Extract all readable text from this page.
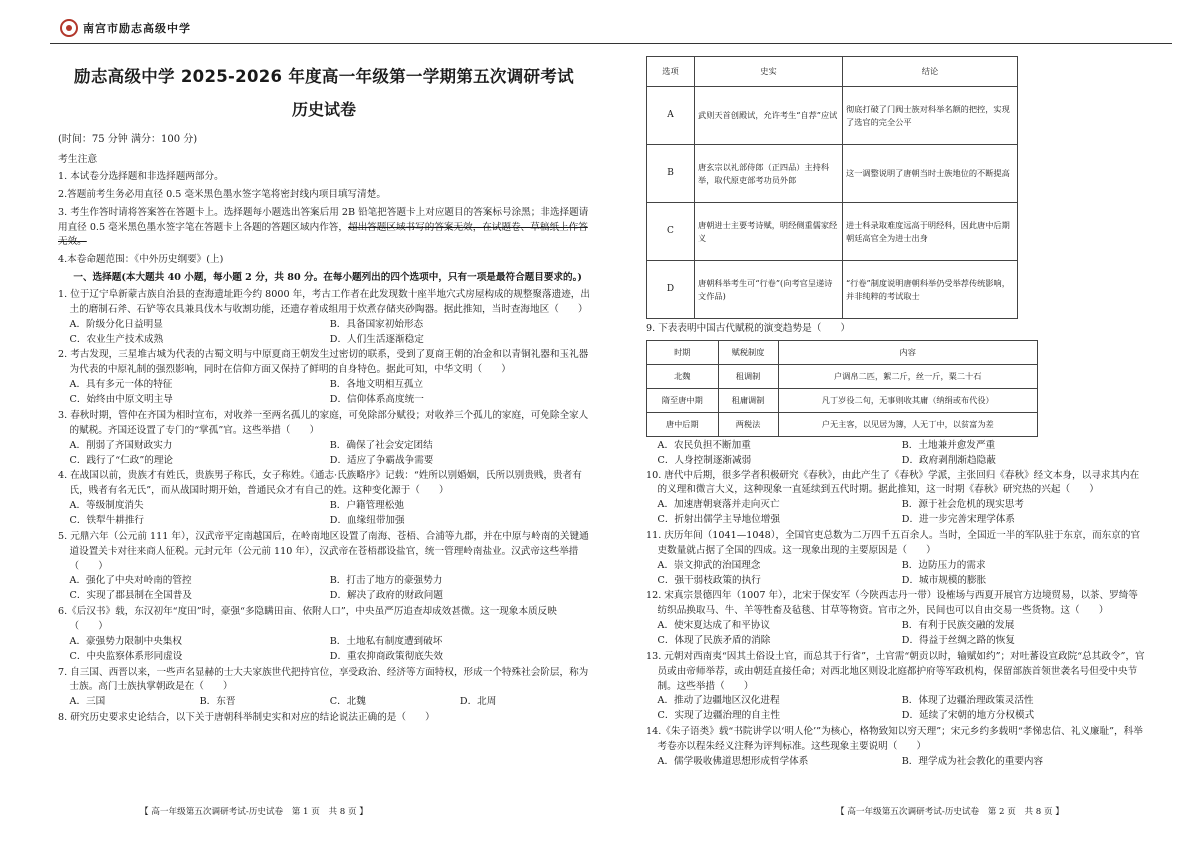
南宫市励志高级中学
励志高级中学 2025-2026 年度高一年级第一学期第五次调研考试
历史试卷
(时间：75 分钟 满分：100 分)
考生注意

1. 本试卷分选择题和非选择题两部分。

2.答题前考生务必用直径 0.5 毫米黑色墨水签字笔将密封线内项目填写清楚。

3. 考生作答时请将答案答在答题卡上。选择题每小题选出答案后用 2B 铅笔把答题卡上对应题目的答案标号涂黑；非选择题请用直径 0.5 毫米黑色墨水签字笔在答题卡上各题的答题区域内作答，超出答题区域书写的答案无效，在试题卷、草稿纸上作答无效。

4.本卷命题范围：《中外历史纲要》(上)

一、选择题(本大题共 40 小题，每小题 2 分，共 80 分。在每小题列出的四个选项中，只有一项是最符合题目要求的。)
1. 位于辽宁阜新蒙古族自治县的查海遗址距今约 8000 年，考古工作者在此发现数十座半地穴式房屋构成的规整聚落遗迹，出土的磨制石斧、石铲等农具兼具伐木与收割功能，还遗存着成组用于炊煮存储夹砂陶器。据此推知，当时查海地区（　　）
A．阶级分化日益明显	B．具备国家初始形态
C．农业生产技术成熟	D．人们生活逐渐稳定
2. 考古发现，三星堆古城为代表的古蜀文明与中原夏商王朝发生过密切的联系，受到了夏商王朝的冶金和以青铜礼器和玉礼器为代表的中原礼制的强烈影响，同时在信仰方面又保持了鲜明的自身特色。据此可知，中华文明（　　）
A．具有多元一体的特征	B．各地文明相互孤立
C．始终由中原文明主导	D．信仰体系高度统一
3. 春秋时期，管仲在齐国为相时宣布，对收养一至两名孤儿的家庭，可免除部分赋役；对收养三个孤儿的家庭，可免除全家人的赋税。齐国还设置了专门的“掌孤”官。这些举措（　　）
A．削弱了齐国财政实力	B．确保了社会安定团结
C．践行了“仁政”的理论	D．适应了争霸战争需要
4. 在战国以前，贵族才有姓氏，贵族男子称氏，女子称姓。《通志·氏族略序》记载：“姓所以别婚姻，氏所以别贵贱，贵者有氏，贱者有名无氏”，而从战国时期开始，普通民众才有自己的姓。这种变化源于（　　）
A．等级制度消失	B．户籍管理松弛
C．铁犁牛耕推行	D．血缘纽带加强
5. 元鼎六年（公元前 111 年），汉武帝平定南越国后，在岭南地区设置了南海、苍梧、合浦等九郡，并在中原与岭南的关键通道设置关卡对往来商人征税。元封元年（公元前 110 年），汉武帝在苍梧郡设盐官，统一管理岭南盐业。汉武帝这些举措（　　）
A．强化了中央对岭南的管控	B．打击了地方的豪强势力
C．实现了郡县制在全国普及	D．解决了政府的财政问题
6.《后汉书》载，东汉初年“度田”时，豪强“多隐瞒田亩、依附人口”，中央虽严厉追查却成效甚微。这一现象本质反映（　　）
A．豪强势力限制中央集权	B．土地私有制度遭到破坏
C．中央监察体系形同虚设	D．重农抑商政策彻底失效
7. 自三国、西晋以来，一些声名显赫的士大夫家族世代把持官位，享受政治、经济等方面特权，形成一个特殊社会阶层，称为士族。高门士族执掌朝政是在（　　）
A．三国	B．东晋	C．北魏	D．北周
8. 研究历史要求史论结合，以下关于唐朝科举制史实和对应的结论说法正确的是（　　）
选项	史实	结论
A	武则天首创殿试，允许考生“自荐”应试	彻底打破了门阀士族对科举名额的把控，实现了选官的完全公平
B	唐玄宗以礼部侍郎（正四品）主持科举，取代原吏部考功员外郎	这一调整说明了唐朝当时士族地位的不断提高
C	唐朝进士主要考诗赋，明经侧重儒家经义	进士科录取难度远高于明经科，因此唐中后期朝廷高官全为进士出身
D	唐朝科举考生可“行卷”(向考官呈递诗文作品)	“行卷”制度说明唐朝科举仍受举荐传统影响，并非纯粹的考试取士
9. 下表表明中国古代赋税的演变趋势是（　　）
时期	赋税制度	内容
北魏	租调制	户调帛二匹，絮二斤，丝一斤，粟二十石
隋至唐中期	租庸调制	凡丁岁役二旬，无事则收其庸（纳绢或布代役）
唐中后期	两税法	户无主客，以见居为簿，人无丁中，以贫富为差
A．农民负担不断加重	B．土地兼并愈发严重
C．人身控制逐渐减弱	D．政府剥削渐趋隐蔽
10. 唐代中后期，很多学者积极研究《春秋》，由此产生了《春秋》学派，主张回归《春秋》经文本身，以寻求其内在的义理和微言大义，这种现象一直延续到五代时期。据此推知，这一时期《春秋》研究热的兴起（　　）
A．加速唐朝衰落并走向灭亡	B．源于社会危机的现实思考
C．折射出儒学主导地位增强	D．进一步完善宋理学体系
11. 庆历年间（1041—1048），全国官吏总数为二万四千五百余人。当时，全国近一半的军队驻于东京，而东京的官吏数量就占据了全国的四成。这一现象出现的主要原因是（　　）
A．崇文抑武的治国理念	B．边防压力的需求
C．强干弱枝政策的执行	D．城市规模的膨胀
12. 宋真宗景德四年（1007 年），北宋于保安军（今陕西志丹一带）设榷场与西夏开展官方边境贸易，以茶、罗绮等纺织品换取马、牛、羊等牲畜及毡毯、甘草等物资。官市之外，民间也可以自由交易一些货物。这（　　）
A．使宋夏达成了和平协议	B．有利于民族交融的发展
C．体现了民族矛盾的消除	D．得益于丝绸之路的恢复
13. 元朝对西南夷“因其土俗设土官，而总其于行省”，土官需“朝贡以时，输赋如约”；对吐蕃设宣政院“总其政令”，官员或由帝师举荐，或由朝廷直接任命；对西北地区则设北庭都护府等军政机构，保留部族首领世袭名号但受中央节制。这些举措（　　）
A．推动了边疆地区汉化进程	B．体现了边疆治理政策灵活性
C．实现了边疆治理的自主性	D．延续了宋朝的地方分权模式
14.《朱子语类》载“书院讲学以‘明人伦’”为核心，格物致知以穷天理”；宋元乡约多载明“孝悌忠信、礼义廉耻”，科举考卷亦以程朱经义注释为评判标准。这些现象主要说明（　　）
A．儒学吸收佛道思想形成哲学体系	B．理学成为社会教化的重要内容
【 高一年级第五次调研考试-历史试卷　第 1 页　共 8 页 】	【 高一年级第五次调研考试-历史试卷　第 2 页　共 8 页 】
